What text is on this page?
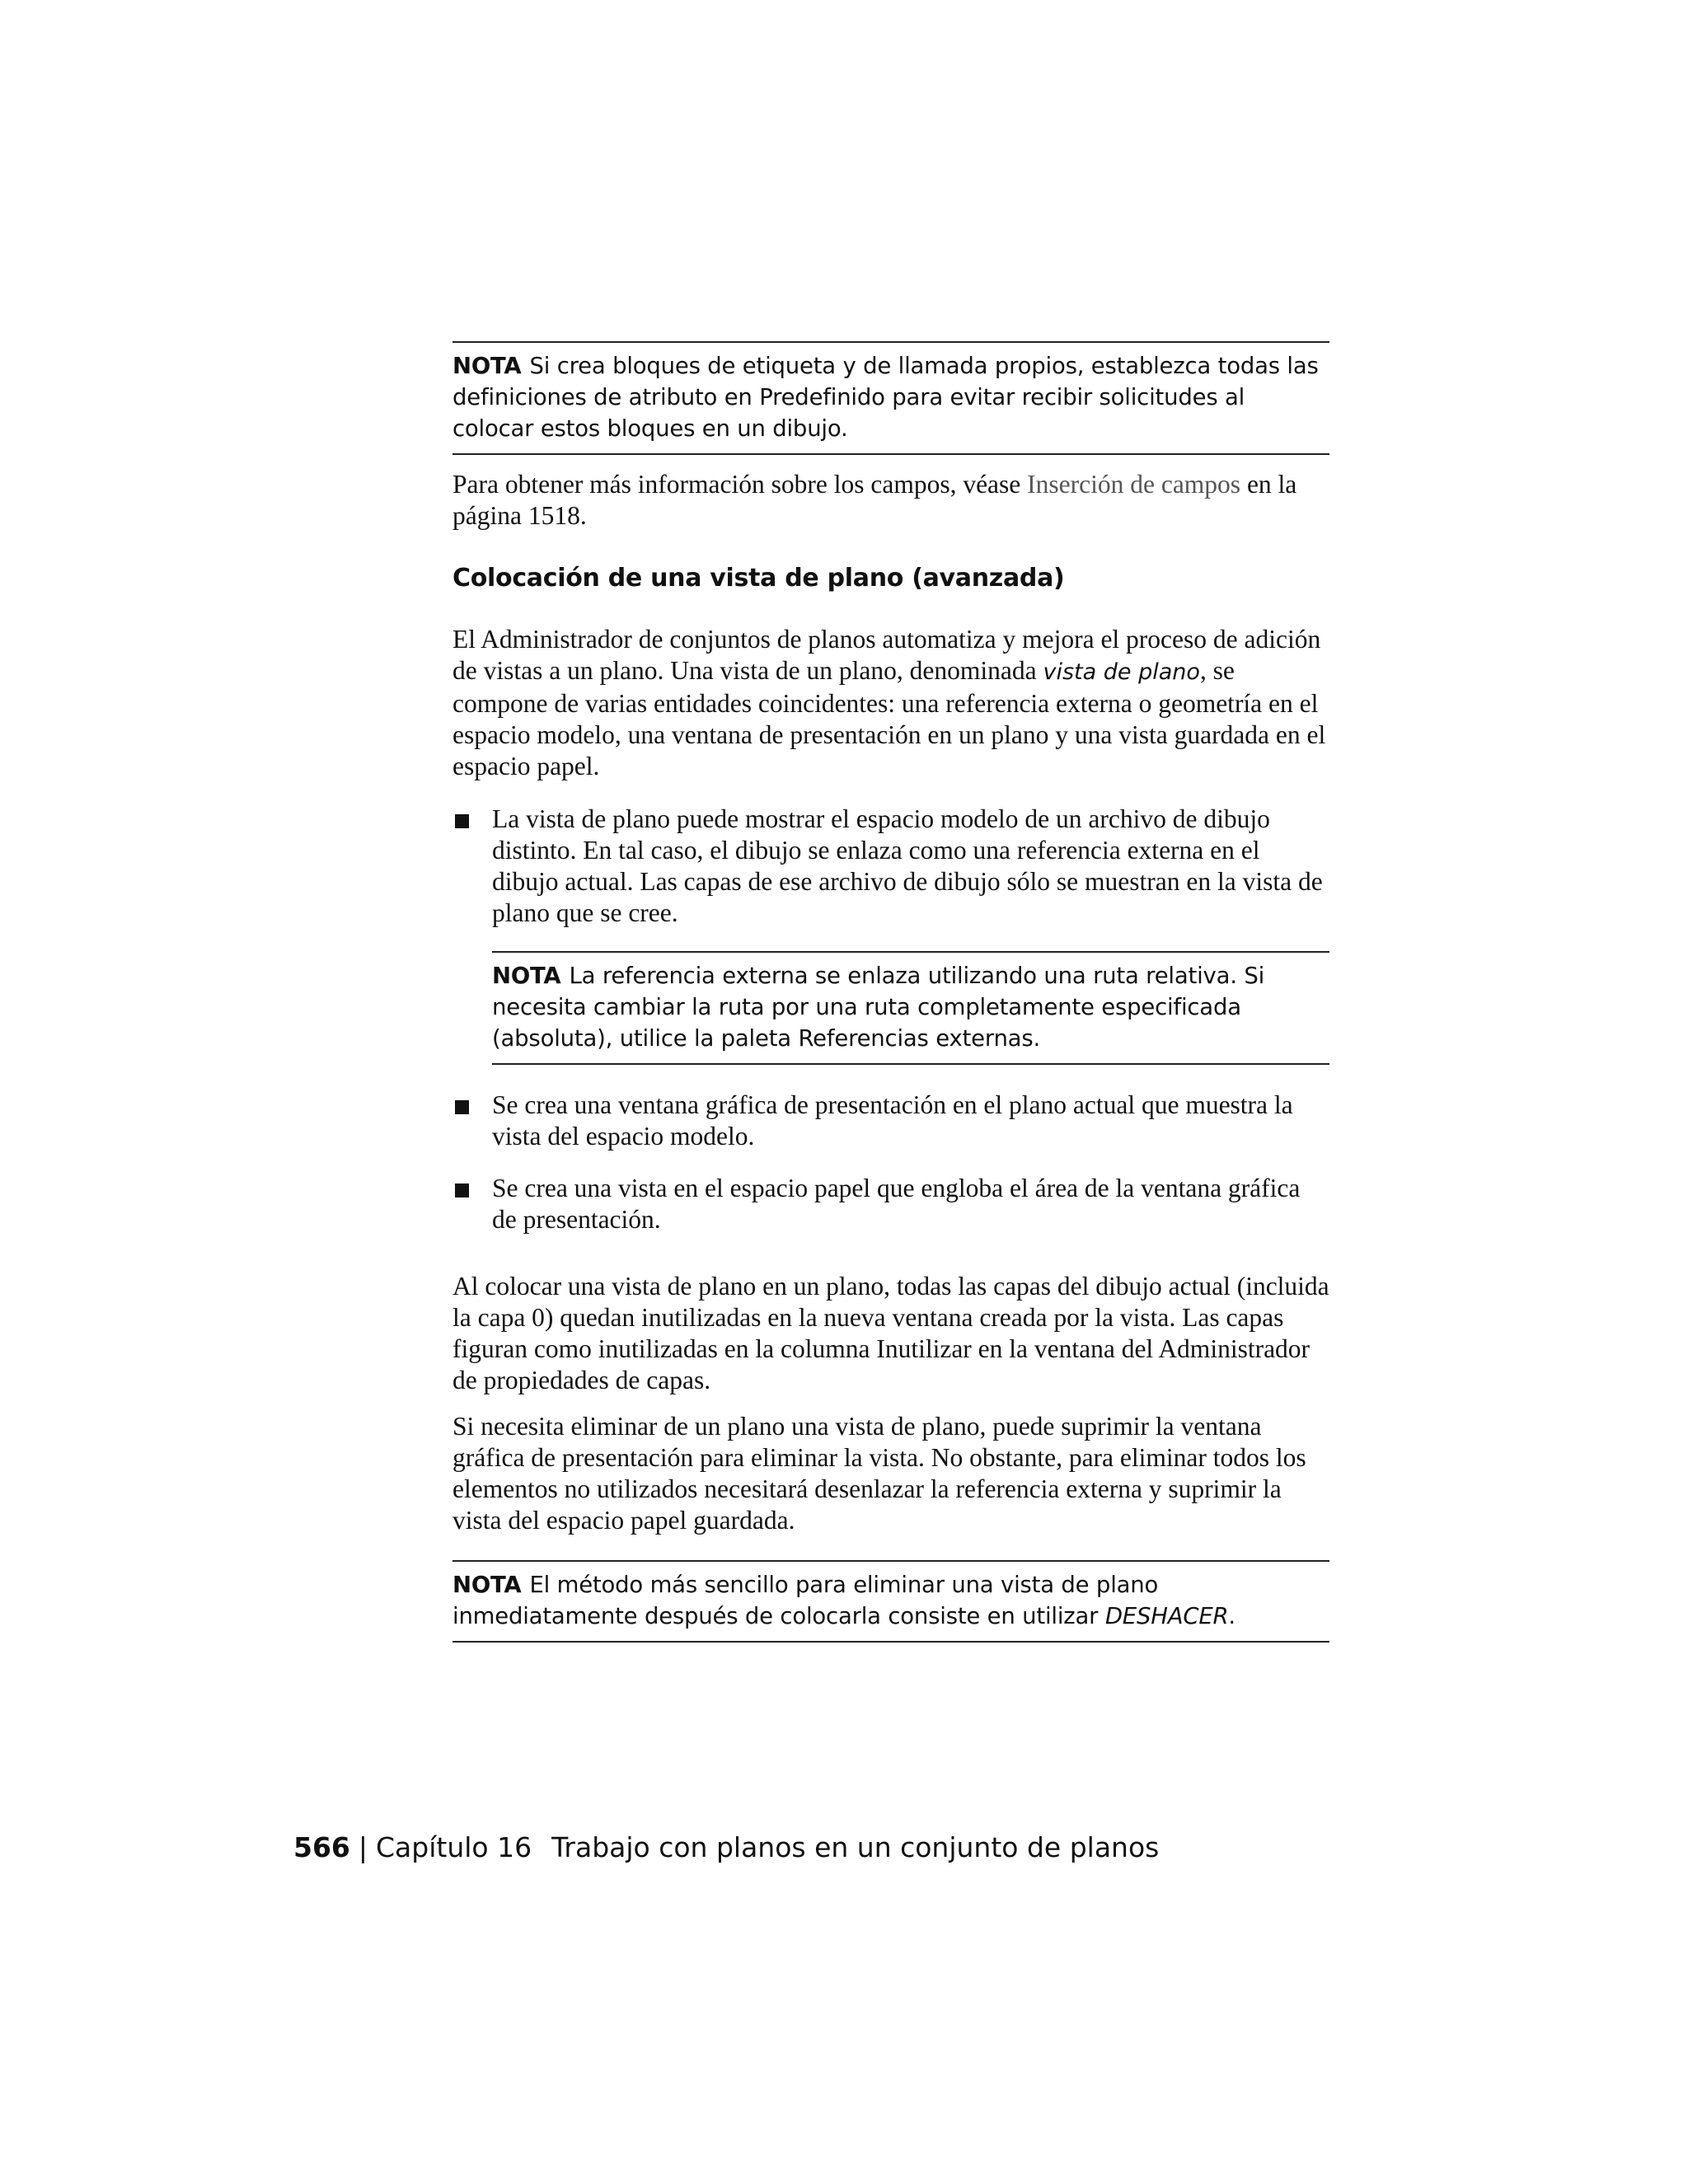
NOTA Si crea bloques de etiqueta y de llamada propios, establezca todas las definiciones de atributo en Predefinido para evitar recibir solicitudes al colocar estos bloques en un dibujo.
Para obtener más información sobre los campos, véase Inserción de campos en la página 1518.
Colocación de una vista de plano (avanzada)
El Administrador de conjuntos de planos automatiza y mejora el proceso de adición de vistas a un plano. Una vista de un plano, denominada vista de plano, se compone de varias entidades coincidentes: una referencia externa o geometría en el espacio modelo, una ventana de presentación en un plano y una vista guardada en el espacio papel.
La vista de plano puede mostrar el espacio modelo de un archivo de dibujo distinto. En tal caso, el dibujo se enlaza como una referencia externa en el dibujo actual. Las capas de ese archivo de dibujo sólo se muestran en la vista de plano que se cree.
NOTA La referencia externa se enlaza utilizando una ruta relativa. Si necesita cambiar la ruta por una ruta completamente especificada (absoluta), utilice la paleta Referencias externas.
Se crea una ventana gráfica de presentación en el plano actual que muestra la vista del espacio modelo.
Se crea una vista en el espacio papel que engloba el área de la ventana gráfica de presentación.
Al colocar una vista de plano en un plano, todas las capas del dibujo actual (incluida la capa 0) quedan inutilizadas en la nueva ventana creada por la vista. Las capas figuran como inutilizadas en la columna Inutilizar en la ventana del Administrador de propiedades de capas.
Si necesita eliminar de un plano una vista de plano, puede suprimir la ventana gráfica de presentación para eliminar la vista. No obstante, para eliminar todos los elementos no utilizados necesitará desenlazar la referencia externa y suprimir la vista del espacio papel guardada.
NOTA El método más sencillo para eliminar una vista de plano inmediatamente después de colocarla consiste en utilizar DESHACER.
566 | Capítulo 16 Trabajo con planos en un conjunto de planos
